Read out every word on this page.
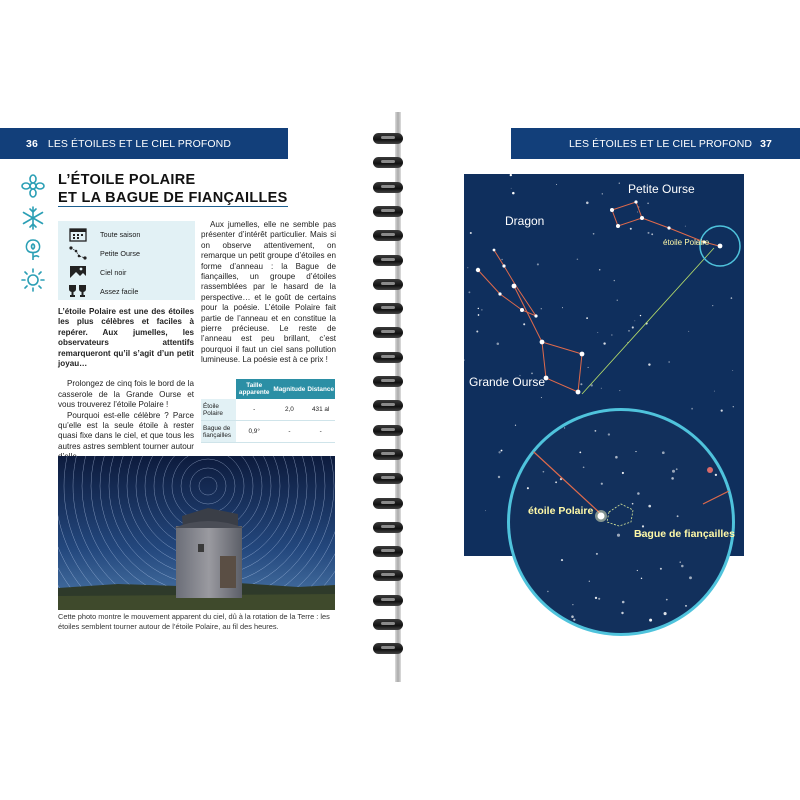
36 LES ÉTOILES ET LE CIEL PROFOND	LES ÉTOILES ET LE CIEL PROFOND 37
L’ÉTOILE POLAIRE
ET LA BAGUE DE FIANÇAILLES
Toute saison
Petite Ourse
Ciel noir
Assez facile

L’étoile Polaire est une des étoiles les plus célèbres et faciles à repérer. Aux jumelles, les observateurs attentifs remarqueront qu’il s’agit d’un petit joyau…

Prolongez de cinq fois le bord de la casserole de la Grande Ourse et vous trouverez l’étoile Polaire !

Pourquoi est-elle célèbre ? Parce qu’elle est la seule étoile à rester quasi fixe dans le ciel, et que tous les autres astres semblent tourner autour

Aux jumelles, elle ne semble pas présenter d’intérêt particulier. Mais si on observe attentivement, on remarque un petit groupe d’étoiles en forme d’anneau : la Bague de fiançailles, un groupe d’étoiles rassemblées par le hasard de la perspective… et le goût de certains pour la poésie. L’étoile Polaire fait partie de l’anneau et en constitue la pierre précieuse. Le reste de l’anneau est peu brillant, c’est pourquoi il faut un ciel sans pollution lumineuse. La poésie est à ce prix !

	Taille apparente	Magnitude	Distance
Étoile Polaire	-	2,0	431 al
Bague de fiançailles	0,9°	-	-
Cette photo montre le mouvement apparent du ciel, dû à la rotation de la Terre : les étoiles semblent tourner autour de l’étoile Polaire, au fil des heures.
Petite Ourse
Dragon
Grande Ourse
étoile Polaire
étoile Polaire
Bague de fiançailles
